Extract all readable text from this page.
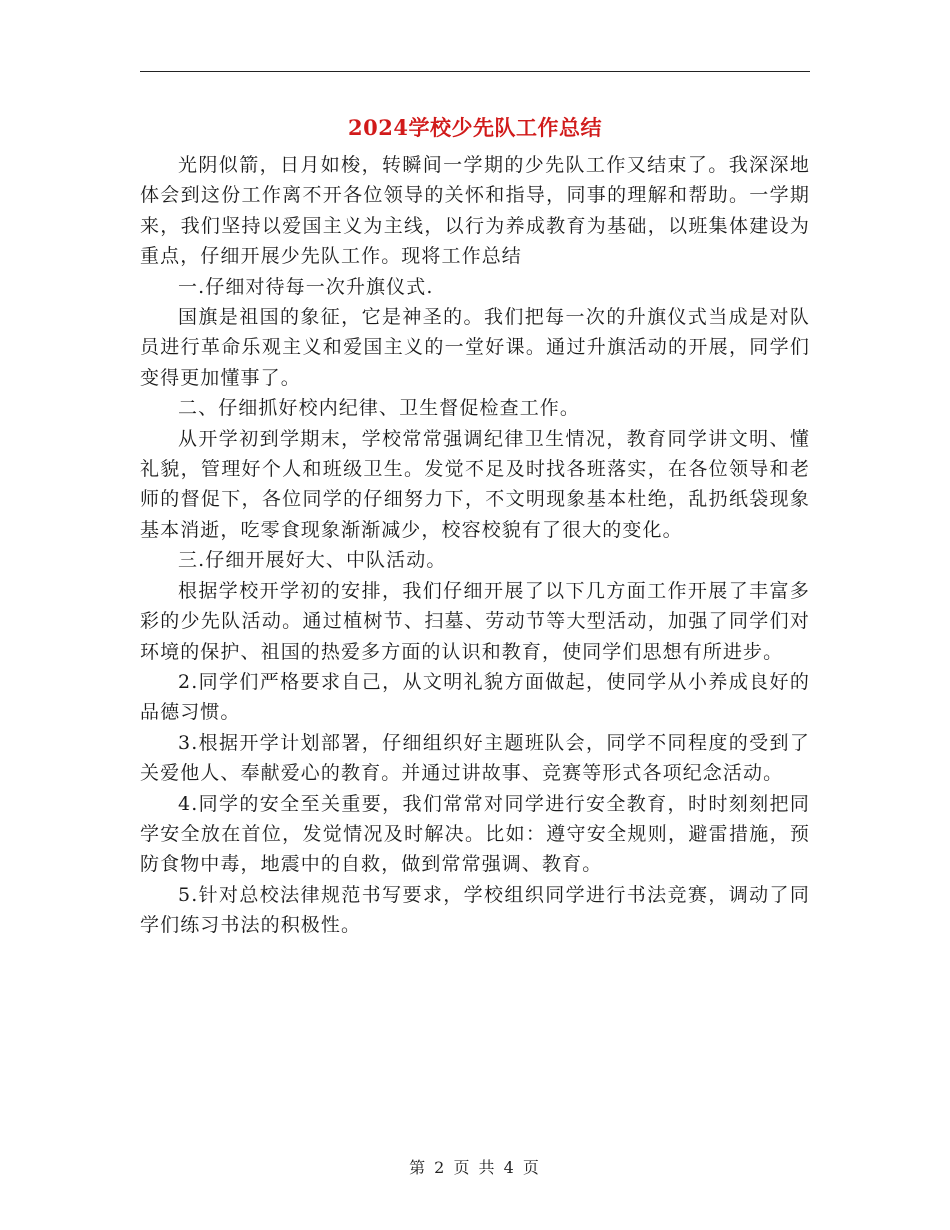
2024学校少先队工作总结

光阴似箭，日月如梭，转瞬间一学期的少先队工作又结束了。我深深地体会到这份工作离不开各位领导的关怀和指导，同事的理解和帮助。一学期来，我们坚持以爱国主义为主线，以行为养成教育为基础，以班集体建设为重点，仔细开展少先队工作。现将工作总结

一.仔细对待每一次升旗仪式.

国旗是祖国的象征，它是神圣的。我们把每一次的升旗仪式当成是对队员进行革命乐观主义和爱国主义的一堂好课。通过升旗活动的开展，同学们变得更加懂事了。

二、仔细抓好校内纪律、卫生督促检查工作。

从开学初到学期末，学校常常强调纪律卫生情况，教育同学讲文明、懂礼貌，管理好个人和班级卫生。发觉不足及时找各班落实，在各位领导和老师的督促下，各位同学的仔细努力下，不文明现象基本杜绝，乱扔纸袋现象基本消逝，吃零食现象渐渐减少，校容校貌有了很大的变化。

三.仔细开展好大、中队活动。

根据学校开学初的安排，我们仔细开展了以下几方面工作开展了丰富多彩的少先队活动。通过植树节、扫墓、劳动节等大型活动，加强了同学们对环境的保护、祖国的热爱多方面的认识和教育，使同学们思想有所进步。

2.同学们严格要求自己，从文明礼貌方面做起，使同学从小养成良好的品德习惯。

3.根据开学计划部署，仔细组织好主题班队会，同学不同程度的受到了关爱他人、奉献爱心的教育。并通过讲故事、竞赛等形式各项纪念活动。

4.同学的安全至关重要，我们常常对同学进行安全教育，时时刻刻把同学安全放在首位，发觉情况及时解决。比如：遵守安全规则，避雷措施，预防食物中毒，地震中的自救，做到常常强调、教育。

5.针对总校法律规范书写要求，学校组织同学进行书法竞赛，调动了同学们练习书法的积极性。

第 2 页 共 4 页
